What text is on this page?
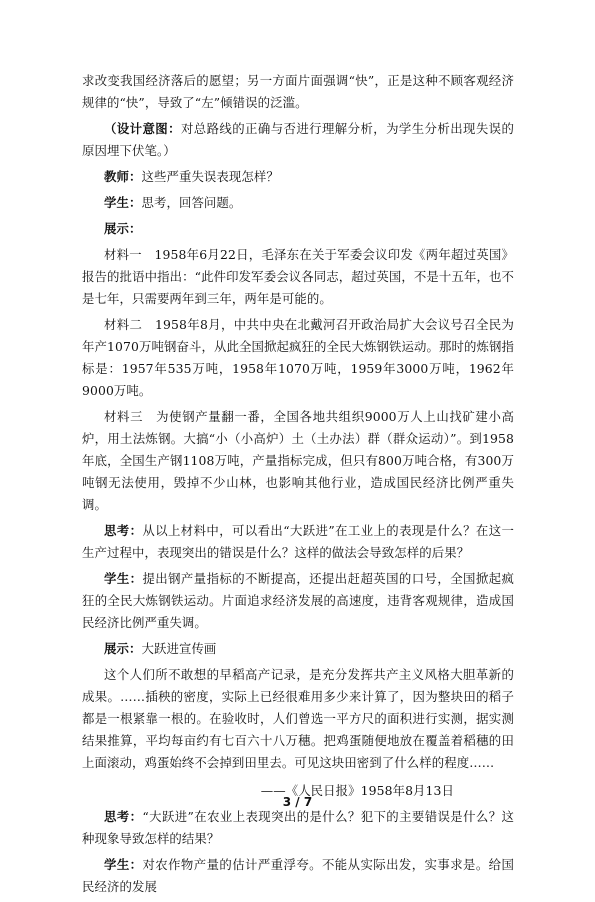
求改变我国经济落后的愿望；另一方面片面强调“快”，正是这种不顾客观经济规律的“快”，导致了“左”倾错误的泛滥。

（设计意图：对总路线的正确与否进行理解分析，为学生分析出现失误的原因埋下伏笔。）

教师：这些严重失误表现怎样？

学生：思考，回答问题。

展示：

材料一　1958年6月22日，毛泽东在关于军委会议印发《两年超过英国》报告的批语中指出：“此件印发军委会议各同志，超过英国，不是十五年，也不是七年，只需要两年到三年，两年是可能的。

材料二　1958年8月，中共中央在北戴河召开政治局扩大会议号召全民为年产1070万吨钢奋斗，从此全国掀起疯狂的全民大炼钢铁运动。那时的炼钢指标是：1957年535万吨，1958年1070万吨，1959年3000万吨，1962年9000万吨。

材料三　为使钢产量翻一番，全国各地共组织9000万人上山找矿建小高炉，用土法炼钢。大搞“小（小高炉）土（土办法）群（群众运动）”。到1958年底，全国生产钢1108万吨，产量指标完成，但只有800万吨合格，有300万吨钢无法使用，毁掉不少山林，也影响其他行业，造成国民经济比例严重失调。

思考：从以上材料中，可以看出“大跃进”在工业上的表现是什么？在这一生产过程中，表现突出的错误是什么？这样的做法会导致怎样的后果？

学生：提出钢产量指标的不断提高，还提出赶超英国的口号，全国掀起疯狂的全民大炼钢铁运动。片面追求经济发展的高速度，违背客观规律，造成国民经济比例严重失调。

展示：大跃进宣传画

这个人们所不敢想的早稻高产记录，是充分发挥共产主义风格大胆革新的成果。……插秧的密度，实际上已经很难用多少来计算了，因为整块田的稻子都是一根紧靠一根的。在验收时，人们曾选一平方尺的面积进行实测，据实测结果推算，平均每亩约有七百六十八万穗。把鸡蛋随便地放在覆盖着稻穗的田上面滚动，鸡蛋始终不会掉到田里去。可见这块田密到了什么样的程度……

——《人民日报》1958年8月13日

思考：“大跃进”在农业上表现突出的是什么？犯下的主要错误是什么？这种现象导致怎样的结果？

学生：对农作物产量的估计严重浮夸。不能从实际出发，实事求是。给国民经济的发展

3 / 7
